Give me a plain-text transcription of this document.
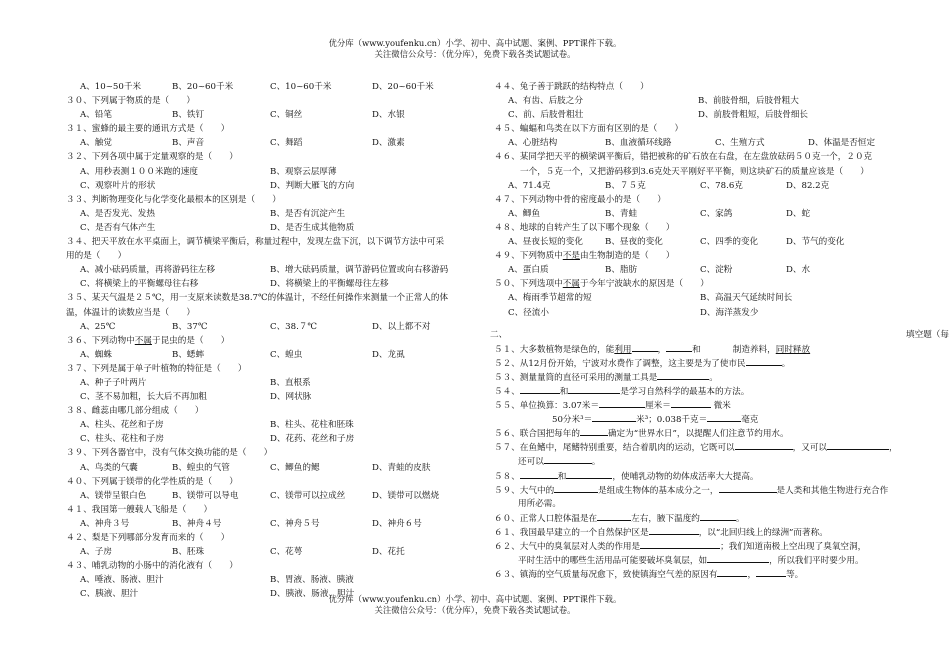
优分库（www.youfenku.cn）小学、初中、高中试题、案例、PPT课件下载。
关注微信公众号：（优分库），免费下载各类试题试卷。
A、10~50千米	B、20~60千米	C、10~60千米	D、20~60千米
３０、下列属于物质的是（　　）
A、铅笔	B、铁钉	C、铜丝	D、水银
３１、蜜蜂的最主要的通讯方式是（　　）
A、触觉	B、声音	C、舞蹈	D、激素
３２、下列各项中属于定量观察的是（　　）
A、用秒表测１００米跑的速度	B、观察云层厚薄
C、观察叶片的形状	D、判断大雁飞的方向
３３、判断物理变化与化学变化最根本的区别是（　　）
A、是否发光、发热	B、是否有沉淀产生
C、是否有气体产生	D、是否生成其他物质
３４、把天平放在水平桌面上，调节横梁平衡后，称量过程中，发现左盘下沉，以下调节方法中可采
用的是（　　）
A、减小砝码质量，再将游码往左移	B、增大砝码质量，调节游码位置或向右移游码
C、将横梁上的平衡螺母往右移	D、将横梁上的平衡螺母往左移
３５、某天气温是２５℃，用一支原来读数是38.7℃的体温计，不经任何操作来测量一个正常人的体
温，体温计的读数应当是（　　）
A、25℃	B、37℃	C、38.７℃	D、以上都不对
３６、下列动物中不属于昆虫的是（　　）
A、蜘蛛	B、蟋蟀	C、蝗虫	D、龙虱
３７、下列是属于单子叶植物的特征是（　　）
A、种子子叶两片	B、直根系
C、茎不易加粗，长大后不再加粗	D、网状脉
３８、雌蕊由哪几部分组成（　　）
A、柱头、花丝和子房	B、柱头、花柱和胚珠
C、柱头、花柱和子房	D、花药、花丝和子房
３９、下列各器官中，没有气体交换功能的是（　　）
A、鸟类的气囊	B、蝗虫的气管	C、鲫鱼的鳃	D、青蛙的皮肤
４０、下列属于镁带的化学性质的是（　　）
A、镁带呈银白色	B、镁带可以导电	C、镁带可以拉成丝	D、镁带可以燃烧
４１、我国第一艘载人飞船是（　　）
A、神舟３号	B、神舟４号	C、神舟５号	D、神舟６号
４２、梨是下列哪部分发育而来的（　　）
A、子房	B、胚珠	C、花萼	D、花托
４３、哺乳动物的小肠中的消化液有（　　）
A、唾液、肠液、胆汁	B、胃液、肠液、胰液
C、胰液、胆汁	D、胰液、肠液、胆汁
４４、兔子善于跳跃的结构特点（　　）
A、有齿、后肢之分	B、前肢骨细，后肢骨粗大
C、前、后肢骨粗壮	D、前肢骨粗短，后肢骨细长
４５、蝙蝠和鸟类在以下方面有区别的是（　　）
A、心脏结构	B、血液循环线路	C、生殖方式	D、体温是否恒定
４６、某同学把天平的横梁调平衡后，错把被称的矿石放在右盘，在左盘放砝码５０克一个，２０克
一个，５克一个，又把游码移到3.6克处天平刚好平平衡，则这块矿石的质量应该是（　　）
A、71.4克	B、７５克	C、78.6克	D、82.2克
４７、下列动物中骨的密度最小的是（　　）
A、鲫鱼	B、青蛙	C、家鸽	D、蛇
４８、地球的自转产生了以下哪个现象（　　）
A、昼夜长短的变化	B、昼夜的变化	C、四季的变化	D、节气的变化
４９、下列物质中不是由生物制造的是（　　）
A、蛋白质	B、脂肪	C、淀粉	D、水
５０、下列选项中不属于今年宁波缺水的原因是（　　）
A、梅雨季节超常的短	B、高温天气延续时间长
C、径流小	D、海洋蒸发少
二、	填空题（每
５１、大多数植物是绿色的，能利用	，	和	制造养料，同时释放
５２、从12月份开始，宁波对水费作了调整，这主要是为了使市民	。
５３、测量量筒的直径可采用的测量工具是	。
５４、	和	是学习自然科学的最基本的方法。
５５、单位换算：3.07米＝	厘米＝	微米
50分米³＝	米³；0.038千克＝	毫克
５６、联合国把每年的	确定为“世界水日”，以提醒人们注意节约用水。
５７、在鱼鳍中，尾鳍特别重要，结合着肌肉的运动，它既可以	，又可以	，
还可以	。
５８、	和	，使哺乳动物的幼体成活率大大提高。
５９、大气中的	是组成生物体的基本成分之一，	是人类和其他生物进行充合作
用所必需。
６０、正常人口腔体温是在	左右，腋下温度约	。
６１、我国最早建立的一个自然保护区是	，以“北回归线上的绿洲”而著称。
６２、大气中的臭氧层对人类的作用是	；我们知道南极上空出现了臭氧空洞，
平时生活中的哪些生活用品可能要破坏臭氧层，如	，所以我们平时要少用。
６３、镇海的空气质量每况愈下，致使镇海空气差的原因有	，	等。
优分库（www.youfenku.cn）小学、初中、高中试题、案例、PPT课件下载。
关注微信公众号：（优分库），免费下载各类试题试卷。
